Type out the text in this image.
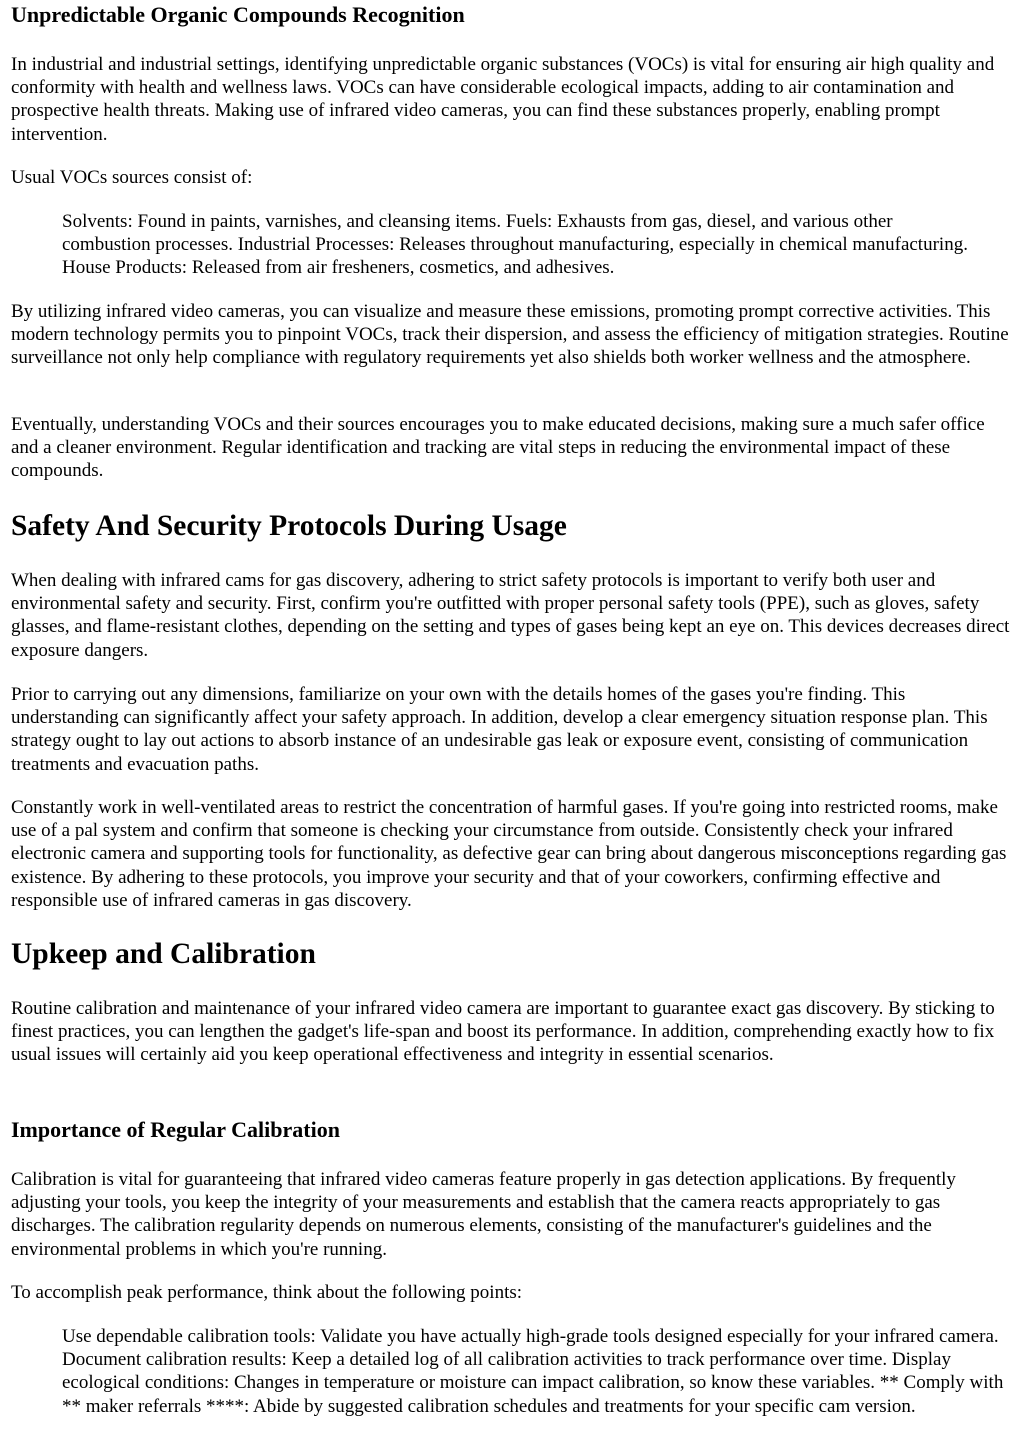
Unpredictable Organic Compounds Recognition

In industrial and industrial settings, identifying unpredictable organic substances (VOCs) is vital for ensuring air high quality and conformity with health and wellness laws. VOCs can have considerable ecological impacts, adding to air contamination and prospective health threats. Making use of infrared video cameras, you can find these substances properly, enabling prompt intervention.

Usual VOCs sources consist of:

Solvents: Found in paints, varnishes, and cleansing items. Fuels: Exhausts from gas, diesel, and various other combustion processes. Industrial Processes: Releases throughout manufacturing, especially in chemical manufacturing. House Products: Released from air fresheners, cosmetics, and adhesives.

By utilizing infrared video cameras, you can visualize and measure these emissions, promoting prompt corrective activities. This modern technology permits you to pinpoint VOCs, track their dispersion, and assess the efficiency of mitigation strategies. Routine surveillance not only help compliance with regulatory requirements yet also shields both worker wellness and the atmosphere.

Eventually, understanding VOCs and their sources encourages you to make educated decisions, making sure a much safer office and a cleaner environment. Regular identification and tracking are vital steps in reducing the environmental impact of these compounds.

Safety And Security Protocols During Usage

When dealing with infrared cams for gas discovery, adhering to strict safety protocols is important to verify both user and environmental safety and security. First, confirm you're outfitted with proper personal safety tools (PPE), such as gloves, safety glasses, and flame-resistant clothes, depending on the setting and types of gases being kept an eye on. This devices decreases direct exposure dangers.

Prior to carrying out any dimensions, familiarize on your own with the details homes of the gases you're finding. This understanding can significantly affect your safety approach. In addition, develop a clear emergency situation response plan. This strategy ought to lay out actions to absorb instance of an undesirable gas leak or exposure event, consisting of communication treatments and evacuation paths.

Constantly work in well-ventilated areas to restrict the concentration of harmful gases. If you're going into restricted rooms, make use of a pal system and confirm that someone is checking your circumstance from outside. Consistently check your infrared electronic camera and supporting tools for functionality, as defective gear can bring about dangerous misconceptions regarding gas existence. By adhering to these protocols, you improve your security and that of your coworkers, confirming effective and responsible use of infrared cameras in gas discovery.

Upkeep and Calibration

Routine calibration and maintenance of your infrared video camera are important to guarantee exact gas discovery. By sticking to finest practices, you can lengthen the gadget's life-span and boost its performance. In addition, comprehending exactly how to fix usual issues will certainly aid you keep operational effectiveness and integrity in essential scenarios.

Importance of Regular Calibration

Calibration is vital for guaranteeing that infrared video cameras feature properly in gas detection applications. By frequently adjusting your tools, you keep the integrity of your measurements and establish that the camera reacts appropriately to gas discharges. The calibration regularity depends on numerous elements, consisting of the manufacturer's guidelines and the environmental problems in which you're running.

To accomplish peak performance, think about the following points:

Use dependable calibration tools: Validate you have actually high-grade tools designed especially for your infrared camera. Document calibration results: Keep a detailed log of all calibration activities to track performance over time. Display ecological conditions: Changes in temperature or moisture can impact calibration, so know these variables. ** Comply with ** maker referrals ****: Abide by suggested calibration schedules and treatments for your specific cam version.
